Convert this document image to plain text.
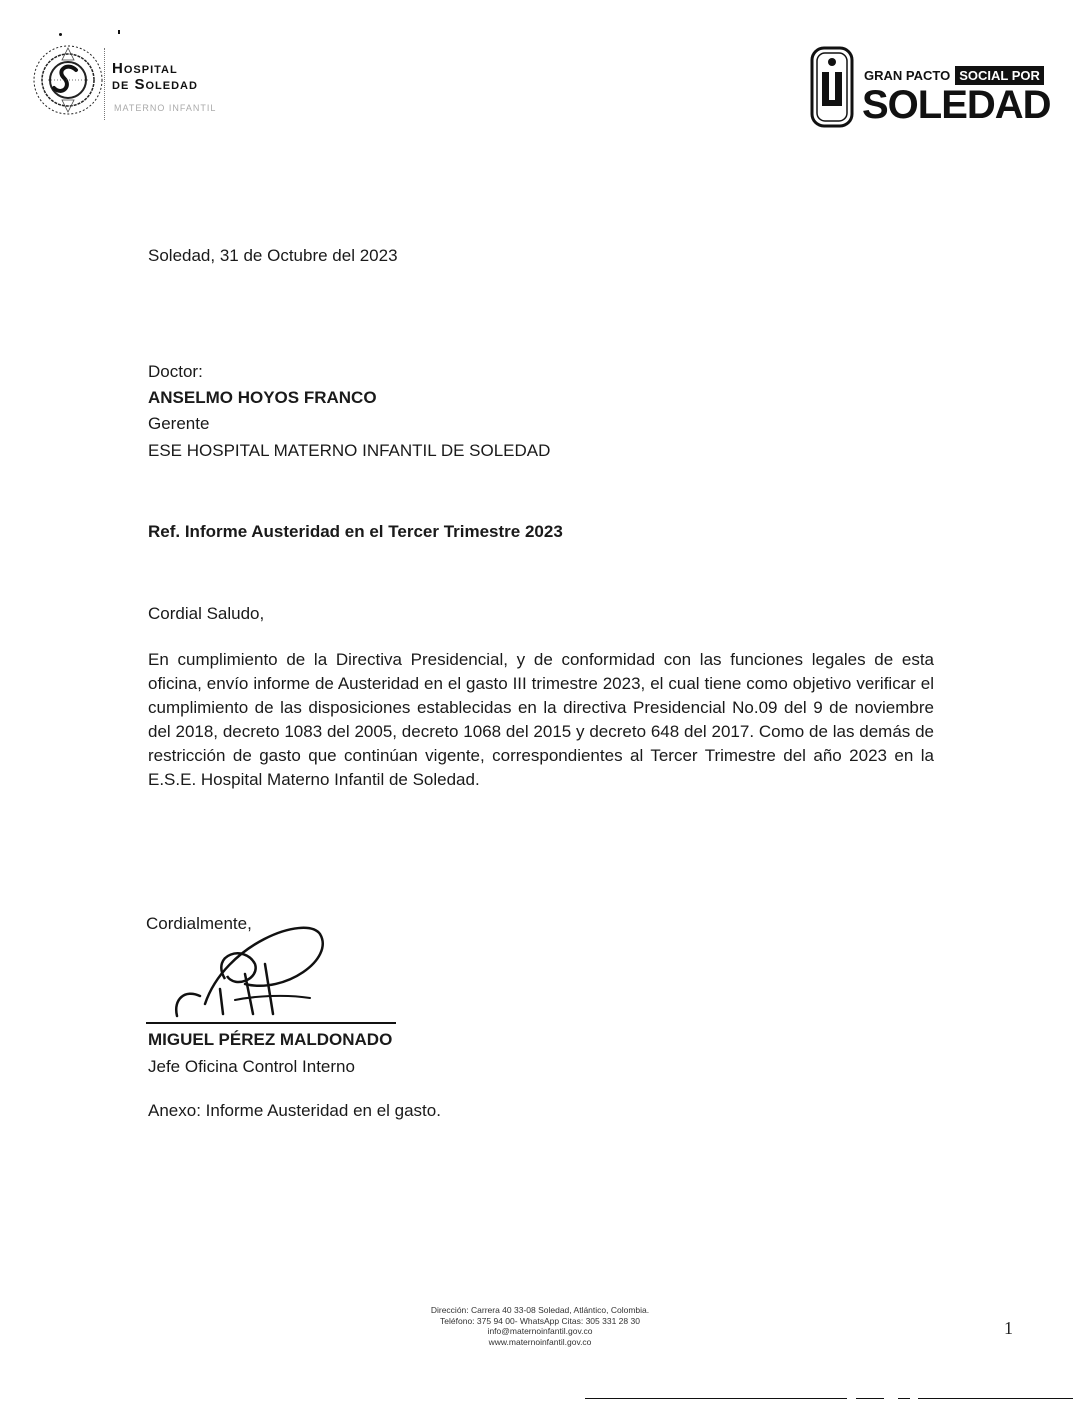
Hospital
de Soledad
MATERNO INFANTIL
GRAN PACTO SOCIAL POR
SOLEDAD
Soledad, 31 de Octubre del 2023
Doctor:
ANSELMO HOYOS FRANCO
Gerente
ESE HOSPITAL MATERNO INFANTIL DE SOLEDAD
Ref. Informe Austeridad en el Tercer Trimestre 2023
Cordial Saludo,
En cumplimiento de la Directiva Presidencial, y de conformidad con las funciones legales de esta oficina, envío informe de Austeridad en el gasto III trimestre 2023, el cual tiene como objetivo verificar el cumplimiento de las disposiciones establecidas en la directiva Presidencial No.09 del 9 de noviembre del 2018, decreto 1083 del 2005, decreto 1068 del 2015 y decreto 648 del 2017. Como de las demás de restricción de gasto que continúan vigente, correspondientes al Tercer Trimestre del año 2023 en la E.S.E. Hospital Materno Infantil de Soledad.
Cordialmente,
MIGUEL PÉREZ MALDONADO
Jefe Oficina Control Interno
Anexo: Informe Austeridad en el gasto.
Dirección: Carrera 40 33-08 Soledad, Atlántico, Colombia.
Teléfono: 375 94 00- WhatsApp Citas: 305 331 28 30
info@maternoinfantil.gov.co
www.maternoinfantil.gov.co
1
